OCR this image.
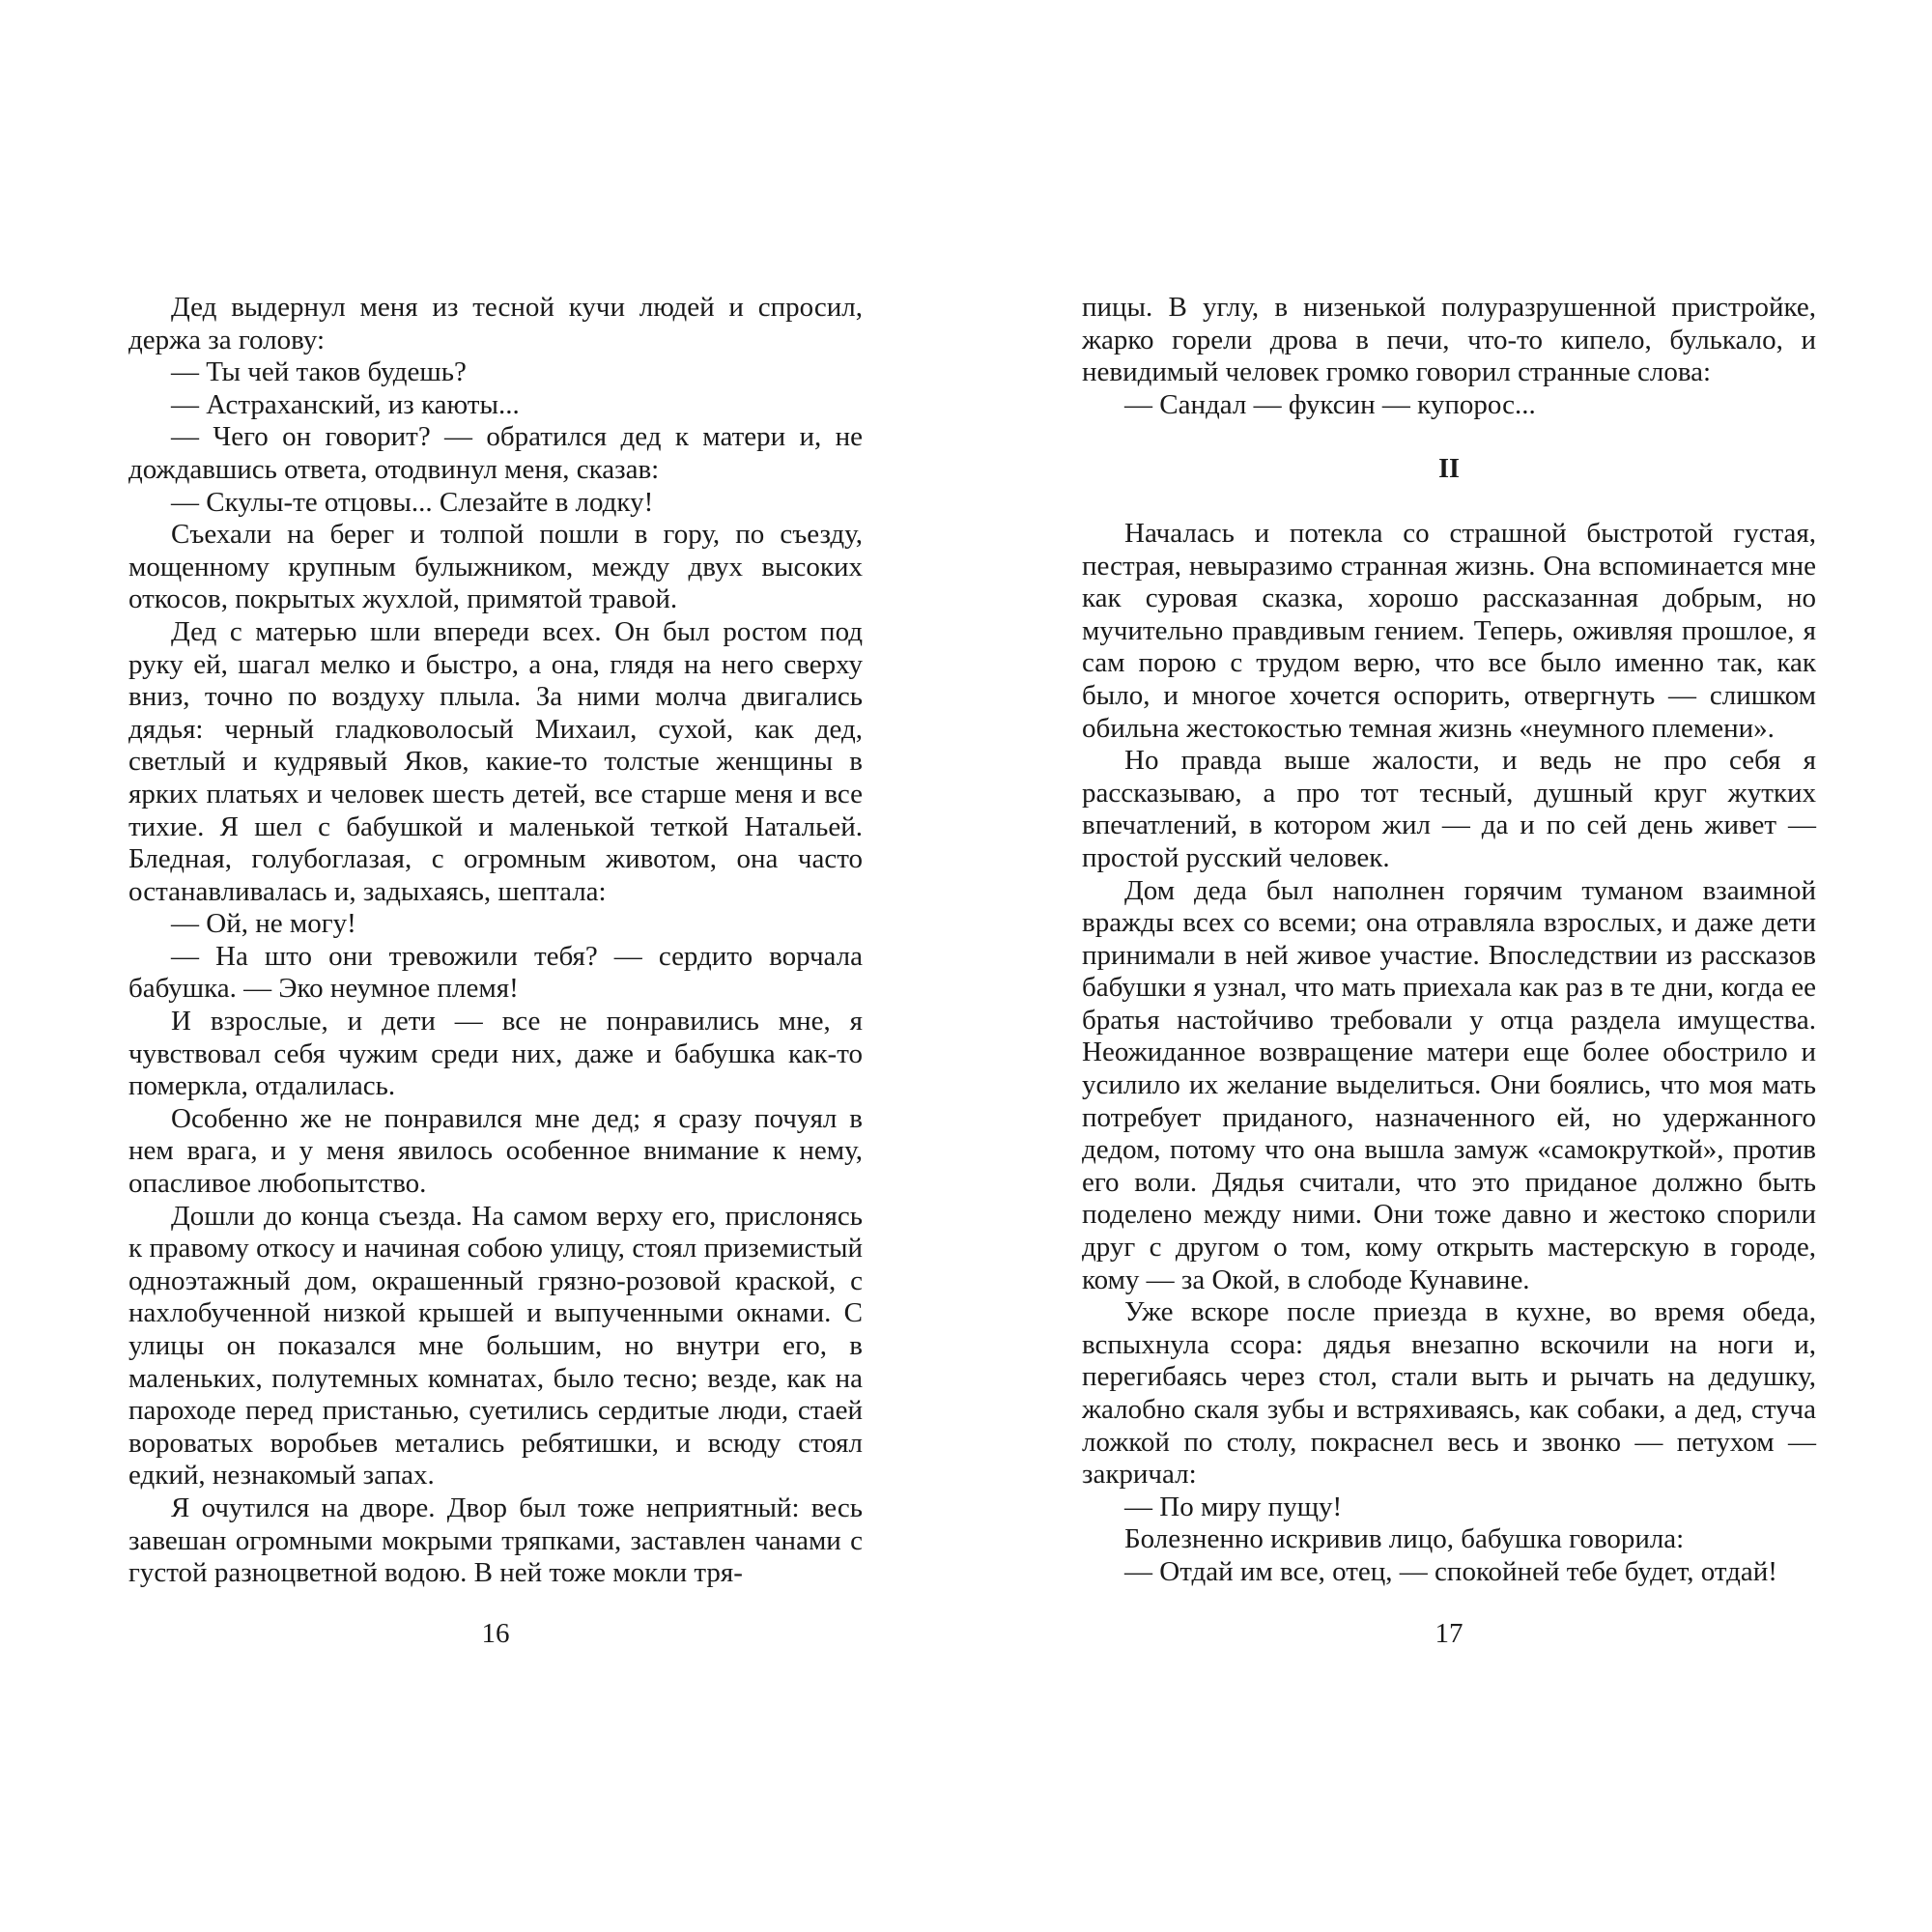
Дед выдернул меня из тесной кучи людей и спросил, держа за голову:

— Ты чей таков будешь?

— Астраханский, из каюты...

— Чего он говорит? — обратился дед к матери и, не дождавшись ответа, отодвинул меня, сказав:

— Скулы-те отцовы... Слезайте в лодку!

Съехали на берег и толпой пошли в гору, по съезду, мощенному крупным булыжником, между двух высоких откосов, покрытых жухлой, примятой травой.

Дед с матерью шли впереди всех. Он был ростом под руку ей, шагал мелко и быстро, а она, глядя на него сверху вниз, точно по воздуху плыла. За ними молча двигались дядья: черный гладковолосый Михаил, сухой, как дед, светлый и кудрявый Яков, какие-то толстые женщины в ярких платьях и человек шесть детей, все старше меня и все тихие. Я шел с бабушкой и маленькой теткой Натальей. Бледная, голубоглазая, с огромным животом, она часто останавливалась и, задыхаясь, шептала:

— Ой, не могу!

— На што они тревожили тебя? — сердито ворчала бабушка. — Эко неумное племя!

И взрослые, и дети — все не понравились мне, я чувствовал себя чужим среди них, даже и бабушка как-то померкла, отдалилась.

Особенно же не понравился мне дед; я сразу почуял в нем врага, и у меня явилось особенное внимание к нему, опасливое любопытство.

Дошли до конца съезда. На самом верху его, прислонясь к правому откосу и начиная собою улицу, стоял приземистый одноэтажный дом, окрашенный грязно-розовой краской, с нахлобученной низкой крышей и выпученными окнами. С улицы он показался мне большим, но внутри его, в маленьких, полутемных комнатах, было тесно; везде, как на пароходе перед пристанью, суетились сердитые люди, стаей вороватых воробьев метались ребятишки, и всюду стоял едкий, незнакомый запах.

Я очутился на дворе. Двор был тоже неприятный: весь завешан огромными мокрыми тряпками, заставлен чанами с густой разноцветной водою. В ней тоже мокли тря-

16

пицы. В углу, в низенькой полуразрушенной пристройке, жарко горели дрова в печи, что-то кипело, булькало, и невидимый человек громко говорил странные слова:

— Сандал — фуксин — купорос...

II

Началась и потекла со страшной быстротой густая, пестрая, невыразимо странная жизнь. Она вспоминается мне как суровая сказка, хорошо рассказанная добрым, но мучительно правдивым гением. Теперь, оживляя прошлое, я сам порою с трудом верю, что все было именно так, как было, и многое хочется оспорить, отвергнуть — слишком обильна жестокостью темная жизнь «неумного племени».

Но правда выше жалости, и ведь не про себя я рассказываю, а про тот тесный, душный круг жутких впечатлений, в котором жил — да и по сей день живет — простой русский человек.

Дом деда был наполнен горячим туманом взаимной вражды всех со всеми; она отравляла взрослых, и даже дети принимали в ней живое участие. Впоследствии из рассказов бабушки я узнал, что мать приехала как раз в те дни, когда ее братья настойчиво требовали у отца раздела имущества. Неожиданное возвращение матери еще более обострило и усилило их желание выделиться. Они боялись, что моя мать потребует приданого, назначенного ей, но удержанного дедом, потому что она вышла замуж «самокруткой», против его воли. Дядья считали, что это приданое должно быть поделено между ними. Они тоже давно и жестоко спорили друг с другом о том, кому открыть мастерскую в городе, кому — за Окой, в слободе Кунавине.

Уже вскоре после приезда в кухне, во время обеда, вспыхнула ссора: дядья внезапно вскочили на ноги и, перегибаясь через стол, стали выть и рычать на дедушку, жалобно скаля зубы и встряхиваясь, как собаки, а дед, стуча ложкой по столу, покраснел весь и звонко — петухом — закричал:

— По миру пущу!

Болезненно искривив лицо, бабушка говорила:

— Отдай им все, отец, — спокойней тебе будет, отдай!

17
